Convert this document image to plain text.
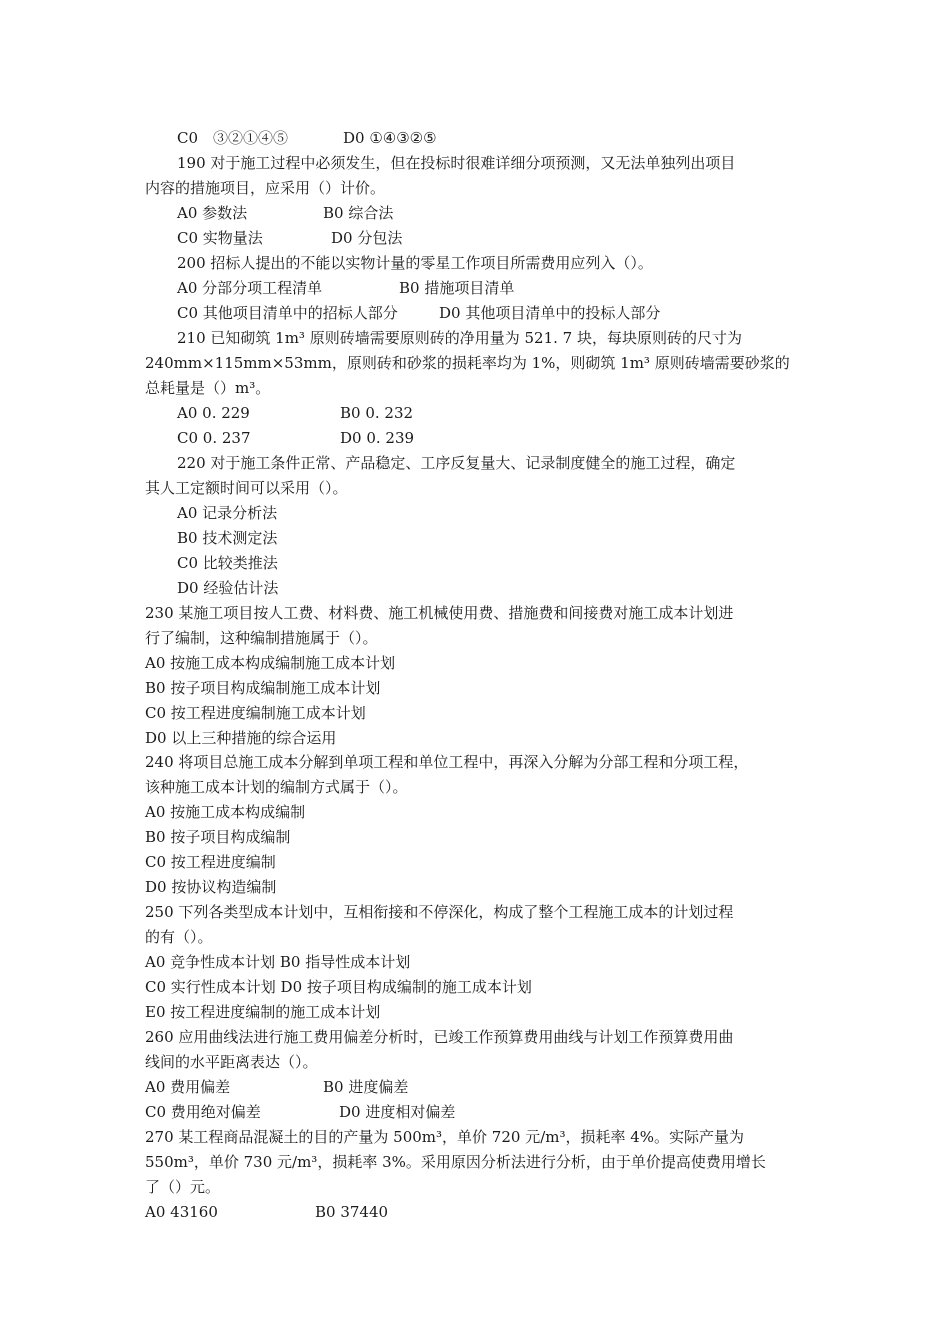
C0　③②①④⑤	D0 ①④③②⑤
190 对于施工过程中必须发生，但在投标时很难详细分项预测，又无法单独列出项目
内容的措施项目，应采用（）计价。
A0 参数法	B0 综合法
C0 实物量法	D0 分包法
200 招标人提出的不能以实物计量的零星工作项目所需费用应列入（）。
A0 分部分项工程清单	B0 措施项目清单
C0 其他项目清单中的招标人部分	D0 其他项目清单中的投标人部分
210 已知砌筑 1m³ 原则砖墙需要原则砖的净用量为 521. 7 块，每块原则砖的尺寸为
240mm×115mm×53mm，原则砖和砂浆的损耗率均为 1%，则砌筑 1m³ 原则砖墙需要砂浆的
总耗量是（）m³。
A0 0. 229	B0 0. 232
C0 0. 237	D0 0. 239
220 对于施工条件正常、产品稳定、工序反复量大、记录制度健全的施工过程，确定
其人工定额时间可以采用（）。
A0 记录分析法
B0 技术测定法
C0 比较类推法
D0 经验估计法
230 某施工项目按人工费、材料费、施工机械使用费、措施费和间接费对施工成本计划进
行了编制，这种编制措施属于（）。
A0 按施工成本构成编制施工成本计划
B0 按子项目构成编制施工成本计划
C0 按工程进度编制施工成本计划
D0 以上三种措施的综合运用
240 将项目总施工成本分解到单项工程和单位工程中，再深入分解为分部工程和分项工程，
该种施工成本计划的编制方式属于（）。
A0 按施工成本构成编制
B0 按子项目构成编制
C0 按工程进度编制
D0 按协议构造编制
250 下列各类型成本计划中，互相衔接和不停深化，构成了整个工程施工成本的计划过程
的有（）。
A0 竞争性成本计划 B0 指导性成本计划
C0 实行性成本计划 D0 按子项目构成编制的施工成本计划
E0 按工程进度编制的施工成本计划
260 应用曲线法进行施工费用偏差分析时，已竣工作预算费用曲线与计划工作预算费用曲
线间的水平距离表达（）。
A0 费用偏差	B0 进度偏差
C0 费用绝对偏差	D0 进度相对偏差
270 某工程商品混凝土的目的产量为 500m³，单价 720 元/m³，损耗率 4%。实际产量为
550m³，单价 730 元/m³，损耗率 3%。采用原因分析法进行分析，由于单价提高使费用增长
了（）元。
A0 43160	B0 37440
